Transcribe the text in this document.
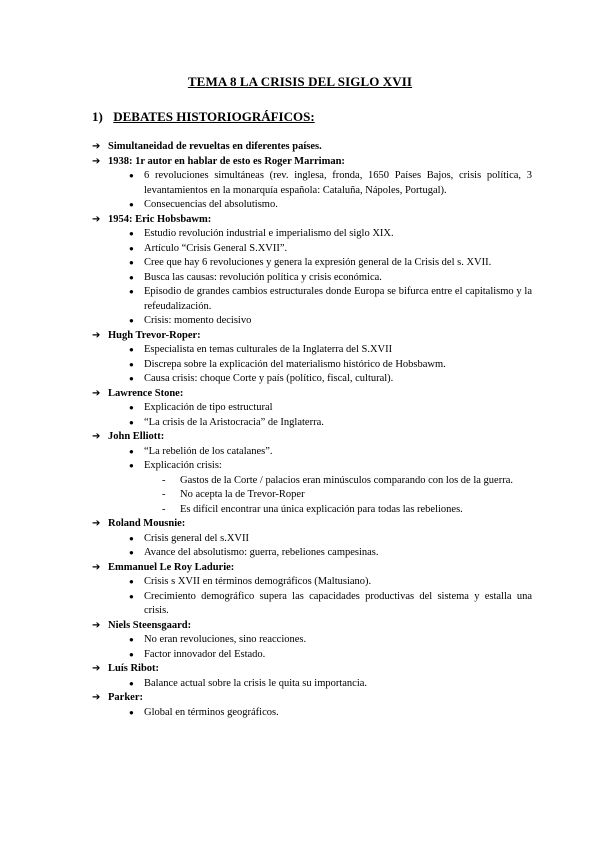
TEMA 8 LA CRISIS DEL SIGLO XVII
1) DEBATES HISTORIOGRÁFICOS:
➔ Simultaneidad de revueltas en diferentes países.
➔ 1938: 1r autor en hablar de esto es Roger Marriman:
● 6 revoluciones simultáneas (rev. inglesa, fronda, 1650 Países Bajos, crisis política, 3 levantamientos en la monarquía española: Cataluña, Nápoles, Portugal).
● Consecuencias del absolutismo.
➔ 1954: Eric Hobsbawm:
● Estudio revolución industrial e imperialismo del siglo XIX.
● Artículo “Crisis General S.XVII”.
● Cree que hay 6 revoluciones y genera la expresión general de la Crisis del s. XVII.
● Busca las causas: revolución política y crisis económica.
● Episodio de grandes cambios estructurales donde Europa se bifurca entre el capitalismo y la refeudalización.
● Crisis: momento decisivo
➔ Hugh Trevor-Roper:
● Especialista en temas culturales de la Inglaterra del S.XVII
● Discrepa sobre la explicación del materialismo histórico de Hobsbawm.
● Causa crisis: choque Corte y país (político, fiscal, cultural).
➔ Lawrence Stone:
● Explicación de tipo estructural
● “La crisis de la Aristocracia” de Inglaterra.
➔ John Elliott:
● “La rebelión de los catalanes”.
● Explicación crisis:
- Gastos de la Corte / palacios eran minúsculos comparando con los de la guerra.
- No acepta la de Trevor-Roper
- Es difícil encontrar una única explicación para todas las rebeliones.
➔ Roland Mousnie:
● Crisis general del s.XVII
● Avance del absolutismo: guerra, rebeliones campesinas.
➔ Emmanuel Le Roy Ladurie:
● Crisis s XVII en términos demográficos (Maltusiano).
● Crecimiento demográfico supera las capacidades productivas del sistema y estalla una crisis.
➔ Niels Steensgaard:
● No eran revoluciones, sino reacciones.
● Factor innovador del Estado.
➔ Luís Ribot:
● Balance actual sobre la crisis le quita su importancia.
➔ Parker:
● Global en términos geográficos.
